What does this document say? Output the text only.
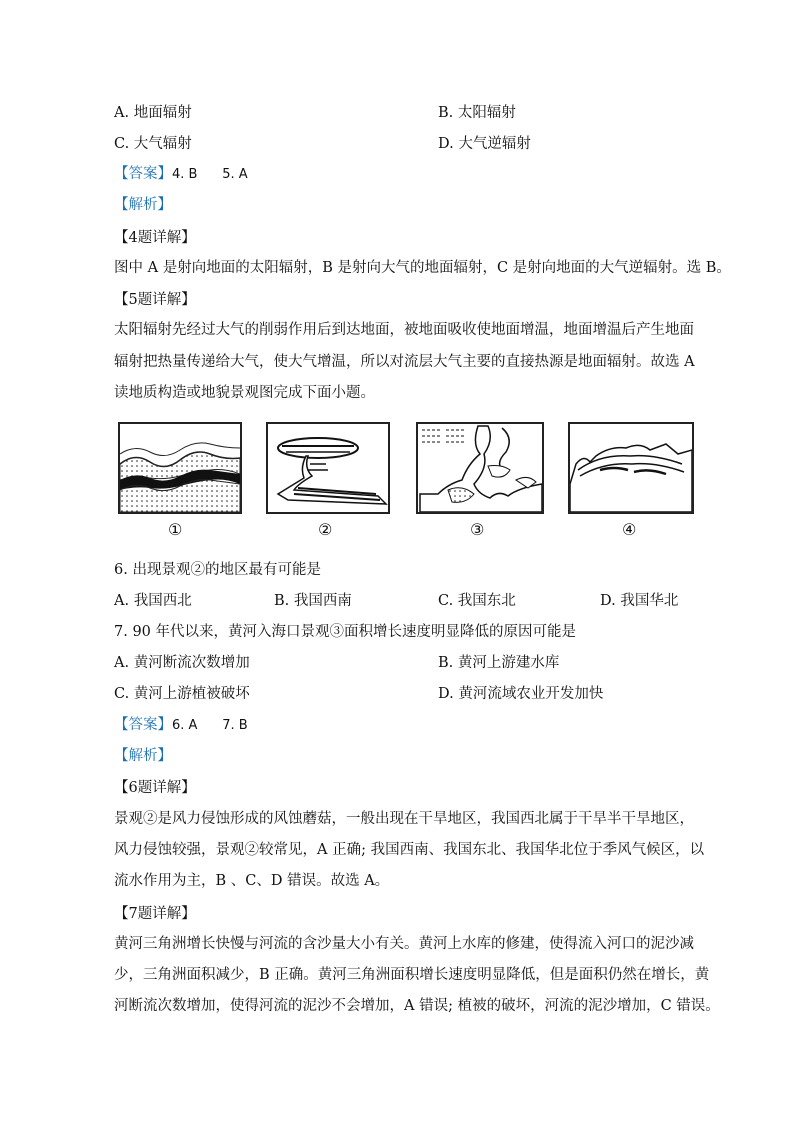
A. 地面辐射	B. 太阳辐射
C. 大气辐射	D. 大气逆辐射
【答案】4. B      5. A
【解析】
【4题详解】
图中 A 是射向地面的太阳辐射，B 是射向大气的地面辐射，C 是射向地面的大气逆辐射。选 B。
【5题详解】
太阳辐射先经过大气的削弱作用后到达地面，被地面吸收使地面增温，地面增温后产生地面
辐射把热量传递给大气，使大气增温，所以对流层大气主要的直接热源是地面辐射。故选 A
读地质构造或地貌景观图完成下面小题。
①	②	③	④
6. 出现景观②的地区最有可能是
A. 我国西北	B. 我国西南	C. 我国东北	D. 我国华北
7. 90 年代以来，黄河入海口景观③面积增长速度明显降低的原因可能是
A. 黄河断流次数增加	B. 黄河上游建水库
C. 黄河上游植被破坏	D. 黄河流域农业开发加快
【答案】6. A      7. B
【解析】
【6题详解】
景观②是风力侵蚀形成的风蚀蘑菇，一般出现在干旱地区，我国西北属于干旱半干旱地区，
风力侵蚀较强，景观②较常见，A 正确; 我国西南、我国东北、我国华北位于季风气候区，以
流水作用为主，B 、C、D 错误。故选 A。
【7题详解】
黄河三角洲增长快慢与河流的含沙量大小有关。黄河上水库的修建，使得流入河口的泥沙减
少，三角洲面积减少，B 正确。黄河三角洲面积增长速度明显降低，但是面积仍然在增长，黄
河断流次数增加，使得河流的泥沙不会增加，A 错误; 植被的破坏，河流的泥沙增加，C 错误。
